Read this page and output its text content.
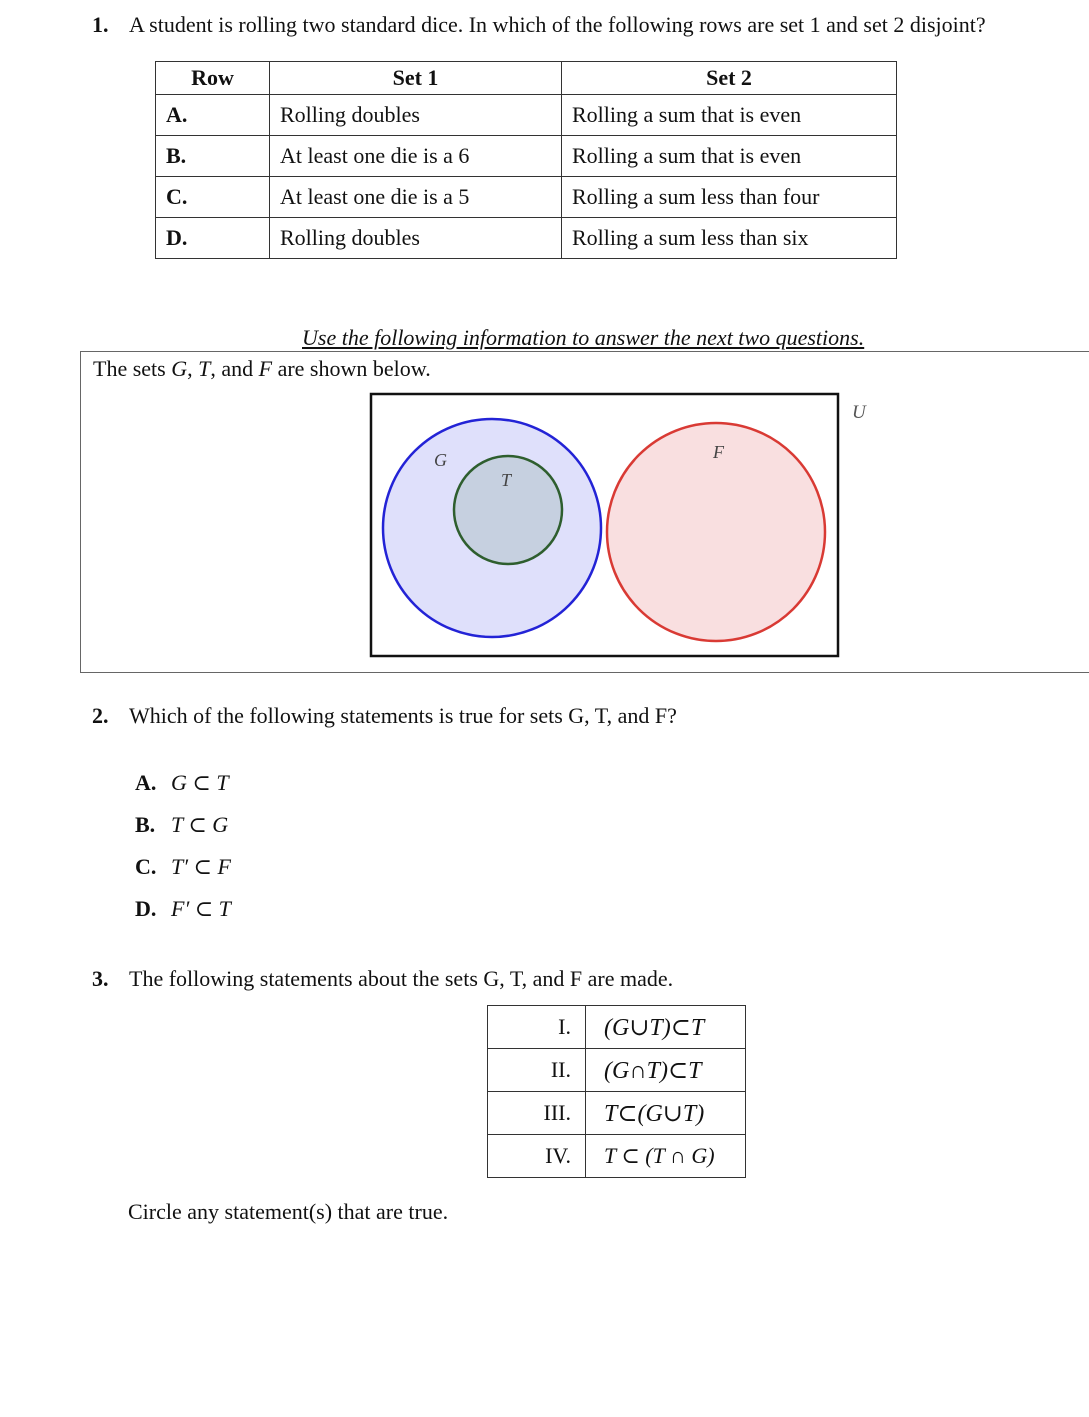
1. A student is rolling two standard dice. In which of the following rows are set 1 and set 2 disjoint?
Row	Set 1	Set 2
A.	Rolling doubles	Rolling a sum that is even
B.	At least one die is a 6	Rolling a sum that is even
C.	At least one die is a 5	Rolling a sum less than four
D.	Rolling doubles	Rolling a sum less than six
Use the following information to answer the next two questions.
The sets G, T, and F are shown below.
U
G
T
F
2. Which of the following statements is true for sets G, T, and F?
A. G ⊂ T
B. T ⊂ G
C. T′ ⊂ F
D. F′ ⊂ T
3. The following statements about the sets G, T, and F are made.
I.	(G∪T)⊂T
II.	(G∩T)⊂T
III.	T⊂(G∪T)
IV.	T ⊂ (T ∩ G)
Circle any statement(s) that are true.
